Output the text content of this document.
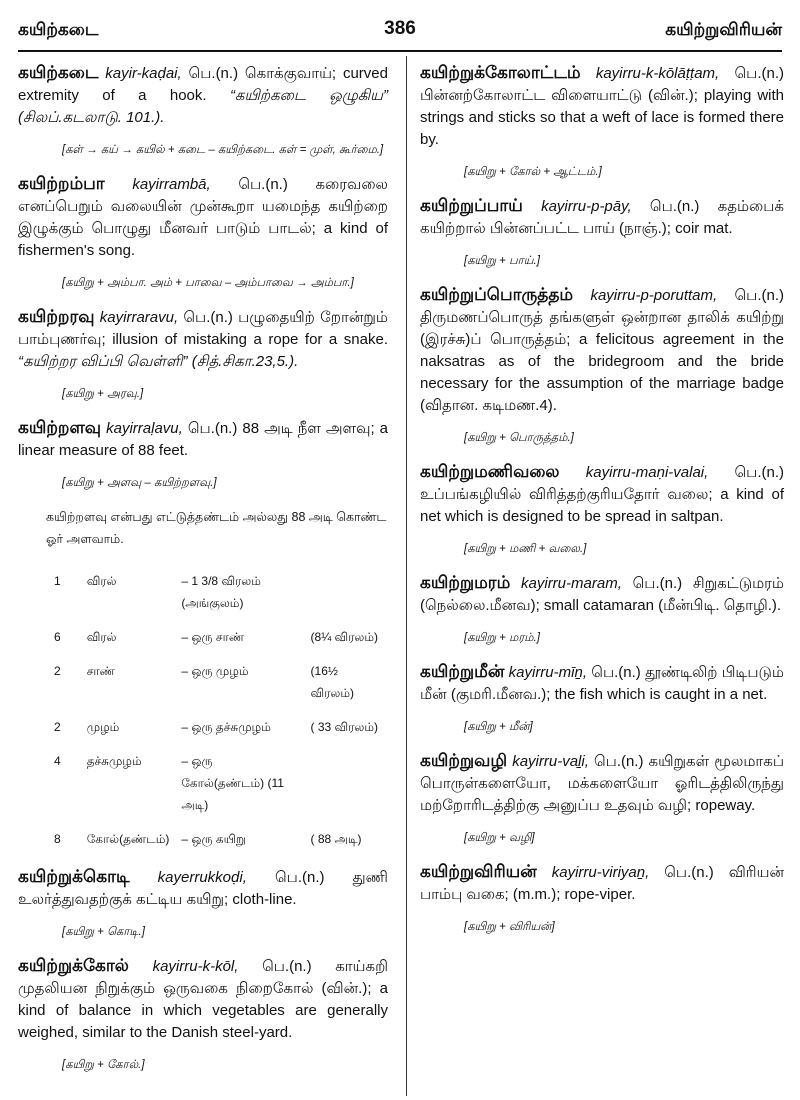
கயிற்கடை	386	கயிற்றுவிரியன்
கயிற்கடை kayir-kaḍai, பெ.(n.) கொக்குவாய்; curved extremity of a hook. “கயிற்கடை ஒழுகிய” (சிலப்.கடலாடு. 101.).
[கள் → கய் → கயில் + கடை – கயிற்கடை. கள் = முள், கூர்மை.]
கயிற்றம்பா kayirrambā, பெ.(n.) கரைவலை எனப்பெறும் வலையின் முன்கூறா யமைந்த கயிற்றை இழுக்கும் பொழுது மீனவர் பாடும் பாடல்; a kind of fishermen's song.
[கயிறு + அம்பா. அம் + பாவை – அம்பாவை → அம்பா.]
கயிற்றரவு kayirraravu, பெ.(n.) பழுதையிற் றோன்றும் பாம்புணர்வு; illusion of mistaking a rope for a snake. “கயிற்றர விப்பி வெள்ளி” (சித்.சிகா.23,5.).
[கயிறு + அரவு.]
கயிற்றளவு kayirraḷavu, பெ.(n.) 88 அடி நீள அளவு; a linear measure of 88 feet.
[கயிறு + அளவு – கயிற்றளவு.]
கயிற்றளவு என்பது எட்டுத்தண்டம் அல்லது 88 அடி கொண்ட ஓர் அளவாம்.
1	விரல்	– 1 3/8 விரலம் (அங்குலம்)	
6	விரல்	– ஒரு சாண்	(8¼ விரலம்)
2	சாண்	– ஒரு முழம்	(16½ விரலம்)
2	முழம்	– ஒரு தச்சுமுழம்	( 33 விரலம்)
4	தச்சுமுழம்	– ஒரு கோல்(தண்டம்) (11 அடி)	
8	கோல்(தண்டம்)	– ஒரு கயிறு	( 88 அடி)
கயிற்றுக்கொடி kayerrukkoḍi, பெ.(n.) துணி உலர்த்துவதற்குக் கட்டிய கயிறு; cloth-line.
[கயிறு + கொடி.]
கயிற்றுக்கோல் kayirru-k-kōl, பெ.(n.) காய்கறி முதலியன நிறுக்கும் ஒருவகை நிறைகோல் (வின்.); a kind of balance in which vegetables are generally weighed, similar to the Danish steel-yard.
[கயிறு + கோல்.]
கயிற்றுக்கோலாட்டம் kayirru-k-kōlāṭṭam, பெ.(n.) பின்னற்கோலாட்ட விளையாட்டு (வின்.); playing with strings and sticks so that a weft of lace is formed there by.
[கயிறு + கோல் + ஆட்டம்.]
கயிற்றுப்பாய் kayirru-p-pāy, பெ.(n.) கதம்பைக் கயிற்றால் பின்னப்பட்ட பாய் (நாஞ்.); coir mat.
[கயிறு + பாய்.]
கயிற்றுப்பொருத்தம் kayirru-p-poruttam, பெ.(n.) திருமணப்பொருத் தங்களுள் ஒன்றான தாலிக் கயிற்று (இரச்சு)ப் பொருத்தம்; a felicitous agreement in the naksatras as of the bridegroom and the bride necessary for the assumption of the marriage badge (விதான. கடிமண.4).
[கயிறு + பொருத்தம்.]
கயிற்றுமணிவலை kayirru-maṇi-valai, பெ.(n.) உப்பங்கழியில் விரித்தற்குரியதோர் வலை; a kind of net which is designed to be spread in saltpan.
[கயிறு + மணி + வலை.]
கயிற்றுமரம் kayirru-maram, பெ.(n.) சிறுகட்டுமரம் (நெல்லை.மீனவ); small catamaran (மீன்பிடி. தொழி.).
[கயிறு + மரம்.]
கயிற்றுமீன் kayirru-mīṉ, பெ.(n.) தூண்டிலிற் பிடிபடும் மீன் (குமரி.மீனவ.); the fish which is caught in a net.
[கயிறு + மீன்]
கயிற்றுவழி kayirru-vaḻi, பெ.(n.) கயிறுகள் மூலமாகப் பொருள்களையோ, மக்களையோ ஓரிடத்திலிருந்து மற்றோரிடத்திற்கு அனுப்ப உதவும் வழி; ropeway.
[கயிறு + வழி]
கயிற்றுவிரியன் kayirru-viriyaṉ, பெ.(n.) விரியன் பாம்பு வகை; (m.m.); rope-viper.
[கயிறு + விரியன்]
